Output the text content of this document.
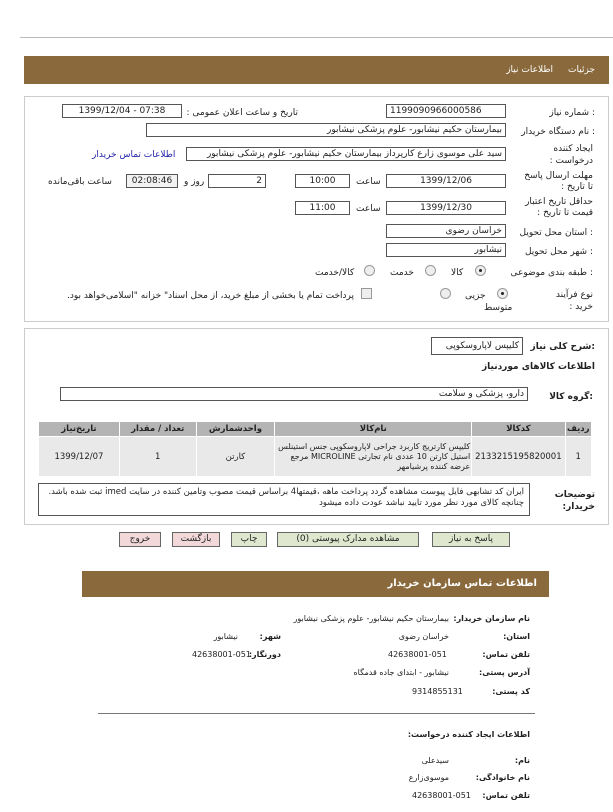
جزئیات
اطلاعات نیاز
شماره نیاز :
1199090966000586
تاریخ و ساعت اعلان عمومی :
1399/12/04 - 07:38
نام دستگاه خریدار :
بیمارستان حکیم نیشابور- علوم پزشکی نیشابور
ایجاد کننده درخواست :
سید علی موسوی زارع کارپرداز بیمارستان حکیم نیشابور- علوم پزشکی نیشابور
اطلاعات تماس خریدار
مهلت ارسال پاسخ تا تاریخ :
1399/12/06
ساعت
10:00
2
روز و
02:08:46
ساعت باقی‌مانده
حداقل تاریخ اعتبار قیمت تا تاریخ :
1399/12/30
ساعت
11:00
استان محل تحویل :
خراسان رضوی
شهر محل تحویل :
نیشابور
طبقه بندی موضوعی :
کالا
خدمت
کالا/خدمت
نوع فرآیند خرید :
متوسط
جزیی
پرداخت تمام یا بخشی از مبلغ خرید، از محل اسناد" خزانه "اسلامی‌خواهد بود.
شرح کلی نیاز:
کلیپس لاپاروسکوپی
اطلاعات کالاهای موردنیاز
گروه کالا:
دارو، پزشکی و سلامت
ردیف	کدکالا	نام‌کالا	واحدشمارش	تعداد / مقدار	تاریخ‌نیاز
1	2133215195820001	کلیپس کارتریج کاربرد جراحی لاپاروسکوپی جنس استینلس استیل کارتن 10 عددی نام تجارتی MICROLINE مرجع عرضه کننده پرشیامهر	کارتن	1	1399/12/07
توضیحات خریدار:
ایران کد تشابهی فایل پیوست مشاهده گردد پرداخت ماهه ،قیمتها4 براساس قیمت مصوب وتامین کننده در سایت imed ثبت شده باشد. چنانچه کالای مورد نظر مورد تایید نباشد عودت داده میشود
پاسخ به نیاز
مشاهده مدارک پیوستی (0)
چاپ
بازگشت
خروج
اطلاعات تماس سازمان خریدار
نام سازمان خریدار:
بیمارستان حکیم نیشابور- علوم پزشکی نیشابور
استان:
خراسان رضوی
شهر:
نیشابور
تلفن تماس:
42638001-051
دورنگار:
42638001-051
آدرس پستی:
نیشابور - ابتدای جاده قدمگاه
کد پستی:
9314855131
اطلاعات ایجاد کننده درخواست:
نام:
سیدعلی
نام خانوادگی:
موسوی‌زارع
تلفن تماس:
42638001-051
